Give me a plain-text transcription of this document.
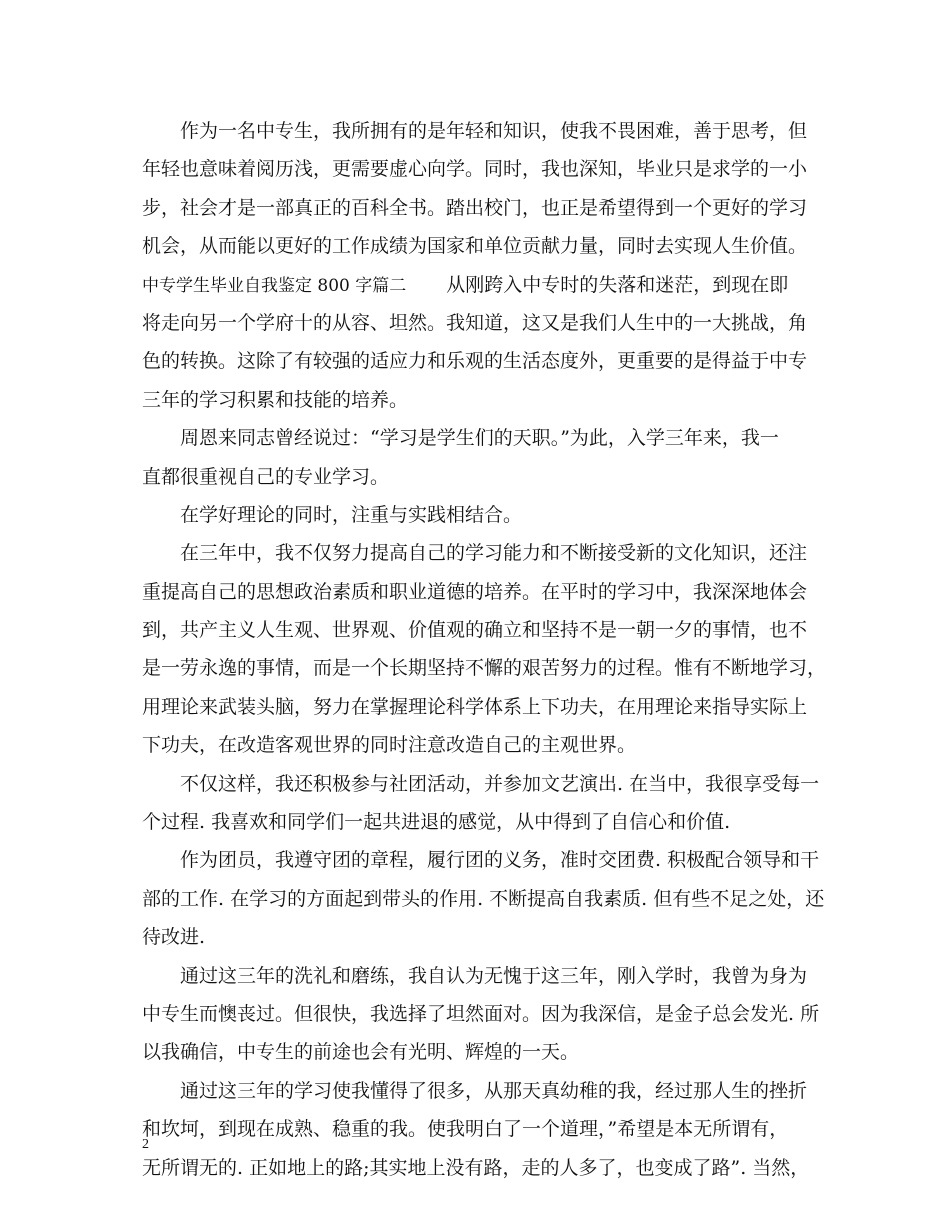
作为一名中专生，我所拥有的是年轻和知识，使我不畏困难，善于思考，但
年轻也意味着阅历浅，更需要虚心向学。同时，我也深知，毕业只是求学的一小
步，社会才是一部真正的百科全书。踏出校门，也正是希望得到一个更好的学习
机会，从而能以更好的工作成绩为国家和单位贡献力量，同时去实现人生价值。
中专学生毕业自我鉴定 800 字篇二 从刚跨入中专时的失落和迷茫，到现在即
将走向另一个学府十的从容、坦然。我知道，这又是我们人生中的一大挑战，角
色的转换。这除了有较强的适应力和乐观的生活态度外，更重要的是得益于中专
三年的学习积累和技能的培养。
周恩来同志曾经说过：“学习是学生们的天职。”为此，入学三年来，我一
直都很重视自己的专业学习。
在学好理论的同时，注重与实践相结合。
在三年中，我不仅努力提高自己的学习能力和不断接受新的文化知识，还注
重提高自己的思想政治素质和职业道德的培养。在平时的学习中，我深深地体会
到，共产主义人生观、世界观、价值观的确立和坚持不是一朝一夕的事情，也不
是一劳永逸的事情，而是一个长期坚持不懈的艰苦努力的过程。惟有不断地学习，
用理论来武装头脑，努力在掌握理论科学体系上下功夫，在用理论来指导实际上
下功夫，在改造客观世界的同时注意改造自己的主观世界。
不仅这样，我还积极参与社团活动，并参加文艺演出. 在当中，我很享受每一
个过程. 我喜欢和同学们一起共进退的感觉，从中得到了自信心和价值.
作为团员，我遵守团的章程，履行团的义务，准时交团费. 积极配合领导和干
部的工作. 在学习的方面起到带头的作用. 不断提高自我素质. 但有些不足之处，还
待改进.
通过这三年的洗礼和磨练，我自认为无愧于这三年，刚入学时，我曾为身为
中专生而懊丧过。但很快，我选择了坦然面对。因为我深信，是金子总会发光. 所
以我确信，中专生的前途也会有光明、辉煌的一天。
通过这三年的学习使我懂得了很多，从那天真幼稚的我，经过那人生的挫折
和坎坷，到现在成熟、稳重的我。使我明白了一个道理，”希望是本无所谓有，
无所谓无的. 正如地上的路;其实地上没有路，走的人多了，也变成了路”. 当然，
2
